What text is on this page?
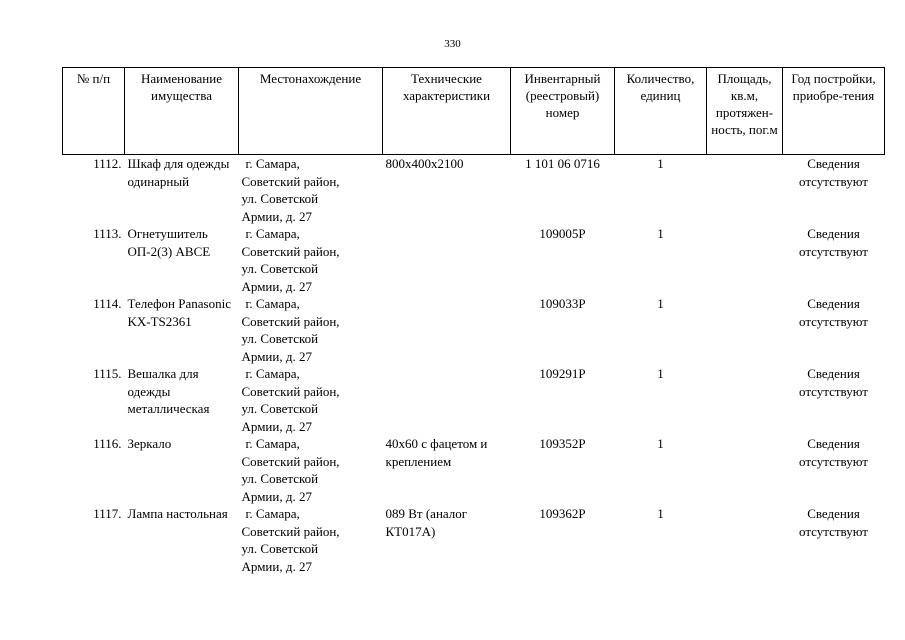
330
№ п/п	Наименование имущества	Местонахождение	Технические характеристики	Инвентарный (реестровый) номер	Количество, единиц	Площадь, кв.м, протяжен-ность, пог.м	Год постройки, приобре-тения
1112.	Шкаф для одежды одинарный	г. Самара,
Советский район,
ул. Советской
Армии, д. 27	800х400х2100	1 101 06 0716	1		Сведения отсутствуют
1113.	Огнетушитель ОП-2(3) АВСЕ	г. Самара,
Советский район,
ул. Советской
Армии, д. 27		109005Р	1		Сведения отсутствуют
1114.	Телефон Panasonic KX-TS2361	г. Самара,
Советский район,
ул. Советской
Армии, д. 27		109033Р	1		Сведения отсутствуют
1115.	Вешалка для одежды металлическая	г. Самара,
Советский район,
ул. Советской
Армии, д. 27		109291Р	1		Сведения отсутствуют
1116.	Зеркало	г. Самара,
Советский район,
ул. Советской
Армии, д. 27	40х60 с фацетом и креплением	109352Р	1		Сведения отсутствуют
1117.	Лампа настольная	г. Самара,
Советский район,
ул. Советской
Армии, д. 27	089 Вт (аналог КТ017А)	109362Р	1		Сведения отсутствуют
